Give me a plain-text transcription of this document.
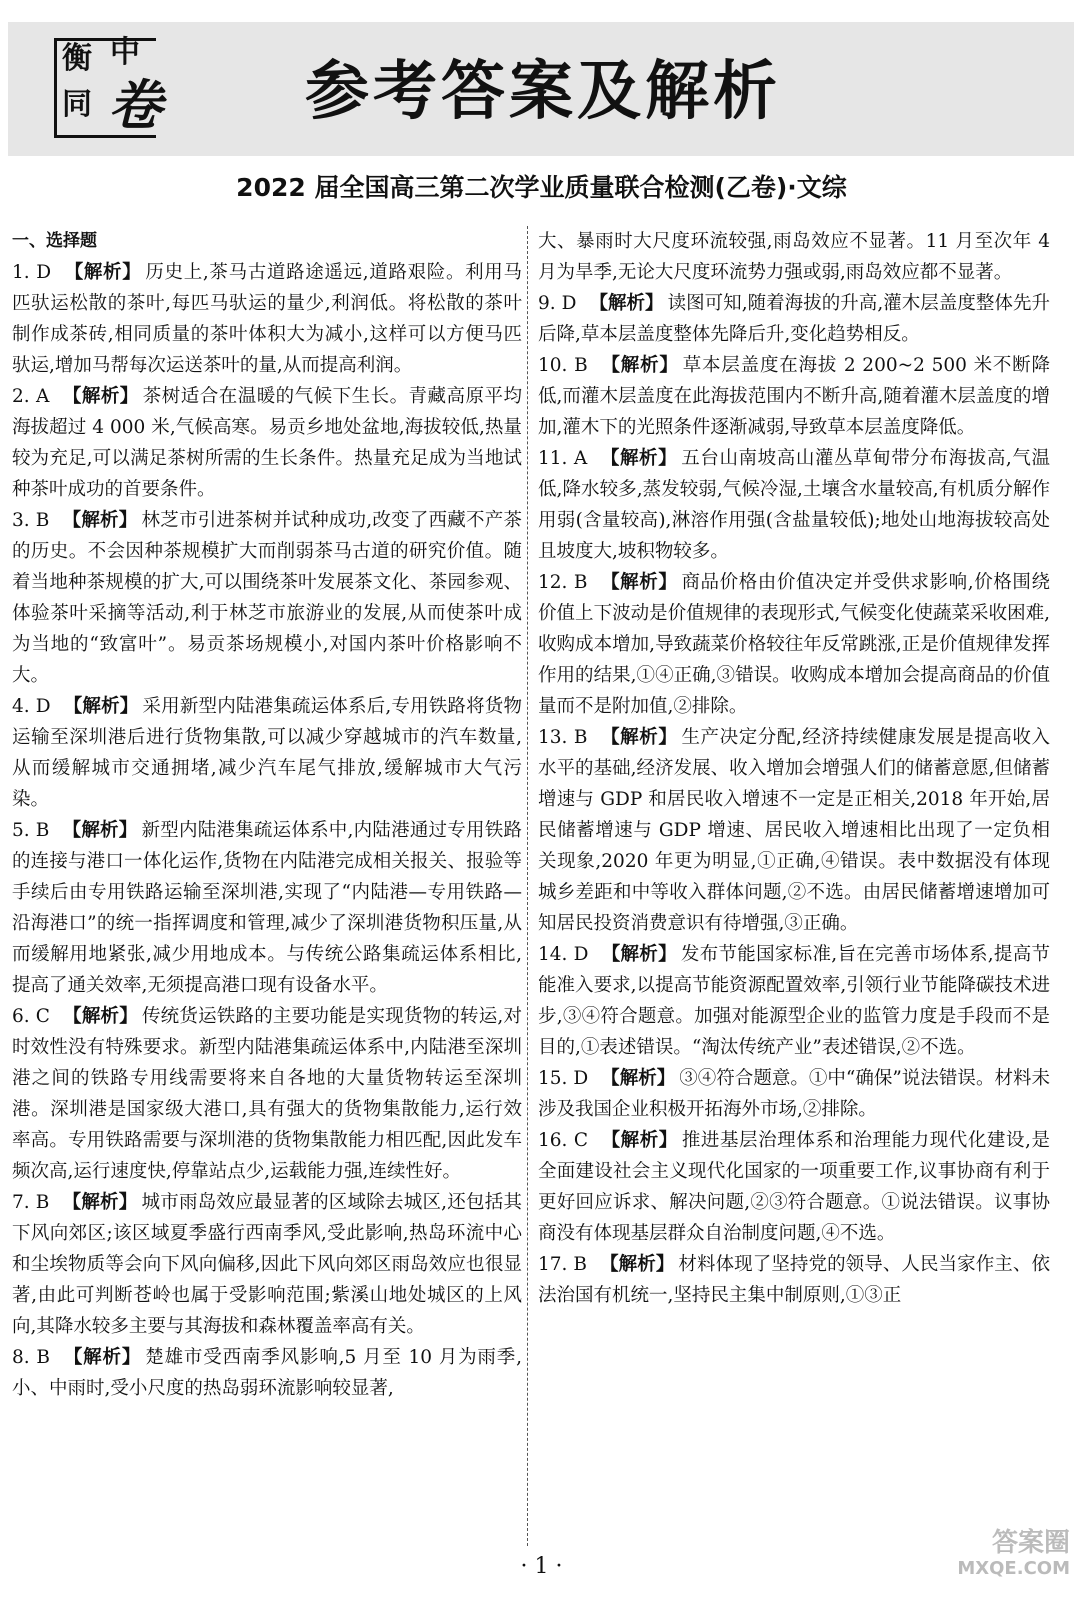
衡 中
同 卷 参考答案及解析
2022 届全国高三第二次学业质量联合检测(乙卷)·文综
一、选择题

1. D 【解析】 历史上,茶马古道路途遥远,道路艰险。利用马匹驮运松散的茶叶,每匹马驮运的量少,利润低。将松散的茶叶制作成茶砖,相同质量的茶叶体积大为减小,这样可以方便马匹驮运,增加马帮每次运送茶叶的量,从而提高利润。

2. A 【解析】 茶树适合在温暖的气候下生长。青藏高原平均海拔超过 4 000 米,气候高寒。易贡乡地处盆地,海拔较低,热量较为充足,可以满足茶树所需的生长条件。热量充足成为当地试种茶叶成功的首要条件。

3. B 【解析】 林芝市引进茶树并试种成功,改变了西藏不产茶的历史。不会因种茶规模扩大而削弱茶马古道的研究价值。随着当地种茶规模的扩大,可以围绕茶叶发展茶文化、茶园参观、体验茶叶采摘等活动,利于林芝市旅游业的发展,从而使茶叶成为当地的“致富叶”。易贡茶场规模小,对国内茶叶价格影响不大。

4. D 【解析】 采用新型内陆港集疏运体系后,专用铁路将货物运输至深圳港后进行货物集散,可以减少穿越城市的汽车数量,从而缓解城市交通拥堵,减少汽车尾气排放,缓解城市大气污染。

5. B 【解析】 新型内陆港集疏运体系中,内陆港通过专用铁路的连接与港口一体化运作,货物在内陆港完成相关报关、报验等手续后由专用铁路运输至深圳港,实现了“内陆港—专用铁路—沿海港口”的统一指挥调度和管理,减少了深圳港货物积压量,从而缓解用地紧张,减少用地成本。与传统公路集疏运体系相比,提高了通关效率,无须提高港口现有设备水平。

6. C 【解析】 传统货运铁路的主要功能是实现货物的转运,对时效性没有特殊要求。新型内陆港集疏运体系中,内陆港至深圳港之间的铁路专用线需要将来自各地的大量货物转运至深圳港。深圳港是国家级大港口,具有强大的货物集散能力,运行效率高。专用铁路需要与深圳港的货物集散能力相匹配,因此发车频次高,运行速度快,停靠站点少,运载能力强,连续性好。

7. B 【解析】 城市雨岛效应最显著的区域除去城区,还包括其下风向郊区;该区域夏季盛行西南季风,受此影响,热岛环流中心和尘埃物质等会向下风向偏移,因此下风向郊区雨岛效应也很显著,由此可判断苍岭也属于受影响范围;紫溪山地处城区的上风向,其降水较多主要与其海拔和森林覆盖率高有关。

8. B 【解析】 楚雄市受西南季风影响,5 月至 10 月为雨季,小、中雨时,受小尺度的热岛弱环流影响较显著,

大、暴雨时大尺度环流较强,雨岛效应不显著。11 月至次年 4 月为旱季,无论大尺度环流势力强或弱,雨岛效应都不显著。

9. D 【解析】 读图可知,随着海拔的升高,灌木层盖度整体先升后降,草本层盖度整体先降后升,变化趋势相反。

10. B 【解析】 草本层盖度在海拔 2 200~2 500 米不断降低,而灌木层盖度在此海拔范围内不断升高,随着灌木层盖度的增加,灌木下的光照条件逐渐减弱,导致草本层盖度降低。

11. A 【解析】 五台山南坡高山灌丛草甸带分布海拔高,气温低,降水较多,蒸发较弱,气候冷湿,土壤含水量较高,有机质分解作用弱(含量较高),淋溶作用强(含盐量较低);地处山地海拔较高处且坡度大,坡积物较多。

12. B 【解析】 商品价格由价值决定并受供求影响,价格围绕价值上下波动是价值规律的表现形式,气候变化使蔬菜采收困难,收购成本增加,导致蔬菜价格较往年反常跳涨,正是价值规律发挥作用的结果,①④正确,③错误。收购成本增加会提高商品的价值量而不是附加值,②排除。

13. B 【解析】 生产决定分配,经济持续健康发展是提高收入水平的基础,经济发展、收入增加会增强人们的储蓄意愿,但储蓄增速与 GDP 和居民收入增速不一定是正相关,2018 年开始,居民储蓄增速与 GDP 增速、居民收入增速相比出现了一定负相关现象,2020 年更为明显,①正确,④错误。表中数据没有体现城乡差距和中等收入群体问题,②不选。由居民储蓄增速增加可知居民投资消费意识有待增强,③正确。

14. D 【解析】 发布节能国家标准,旨在完善市场体系,提高节能准入要求,以提高节能资源配置效率,引领行业节能降碳技术进步,③④符合题意。加强对能源型企业的监管力度是手段而不是目的,①表述错误。“淘汰传统产业”表述错误,②不选。

15. D 【解析】 ③④符合题意。①中“确保”说法错误。材料未涉及我国企业积极开拓海外市场,②排除。

16. C 【解析】 推进基层治理体系和治理能力现代化建设,是全面建设社会主义现代化国家的一项重要工作,议事协商有利于更好回应诉求、解决问题,②③符合题意。①说法错误。议事协商没有体现基层群众自治制度问题,④不选。

17. B 【解析】 材料体现了坚持党的领导、人民当家作主、依法治国有机统一,坚持民主集中制原则,①③正

· 1 ·
答案圈
MXQE.COM
